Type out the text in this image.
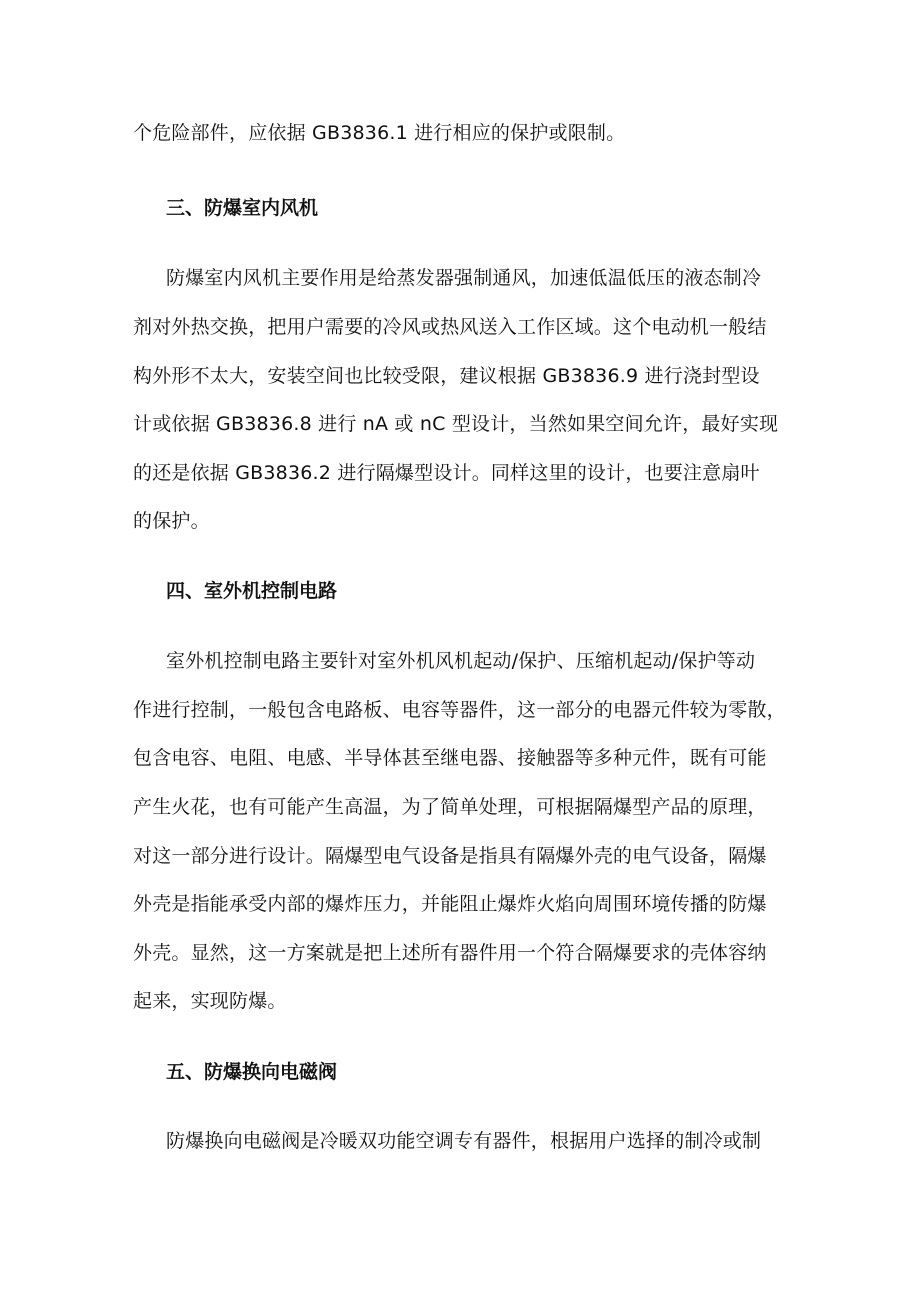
个危险部件，应依据 GB3836.1 进行相应的保护或限制。
三、防爆室内风机
防爆室内风机主要作用是给蒸发器强制通风，加速低温低压的液态制冷
剂对外热交换，把用户需要的冷风或热风送入工作区域。这个电动机一般结
构外形不太大，安装空间也比较受限，建议根据 GB3836.9 进行浇封型设
计或依据 GB3836.8 进行 nA 或 nC 型设计，当然如果空间允许，最好实现
的还是依据 GB3836.2 进行隔爆型设计。同样这里的设计，也要注意扇叶
的保护。
四、室外机控制电路
室外机控制电路主要针对室外机风机起动/保护、压缩机起动/保护等动
作进行控制，一般包含电路板、电容等器件，这一部分的电器元件较为零散，
包含电容、电阻、电感、半导体甚至继电器、接触器等多种元件，既有可能
产生火花，也有可能产生高温，为了简单处理，可根据隔爆型产品的原理，
对这一部分进行设计。隔爆型电气设备是指具有隔爆外壳的电气设备，隔爆
外壳是指能承受内部的爆炸压力，并能阻止爆炸火焰向周围环境传播的防爆
外壳。显然，这一方案就是把上述所有器件用一个符合隔爆要求的壳体容纳
起来，实现防爆。
五、防爆换向电磁阀
防爆换向电磁阀是冷暖双功能空调专有器件，根据用户选择的制冷或制
